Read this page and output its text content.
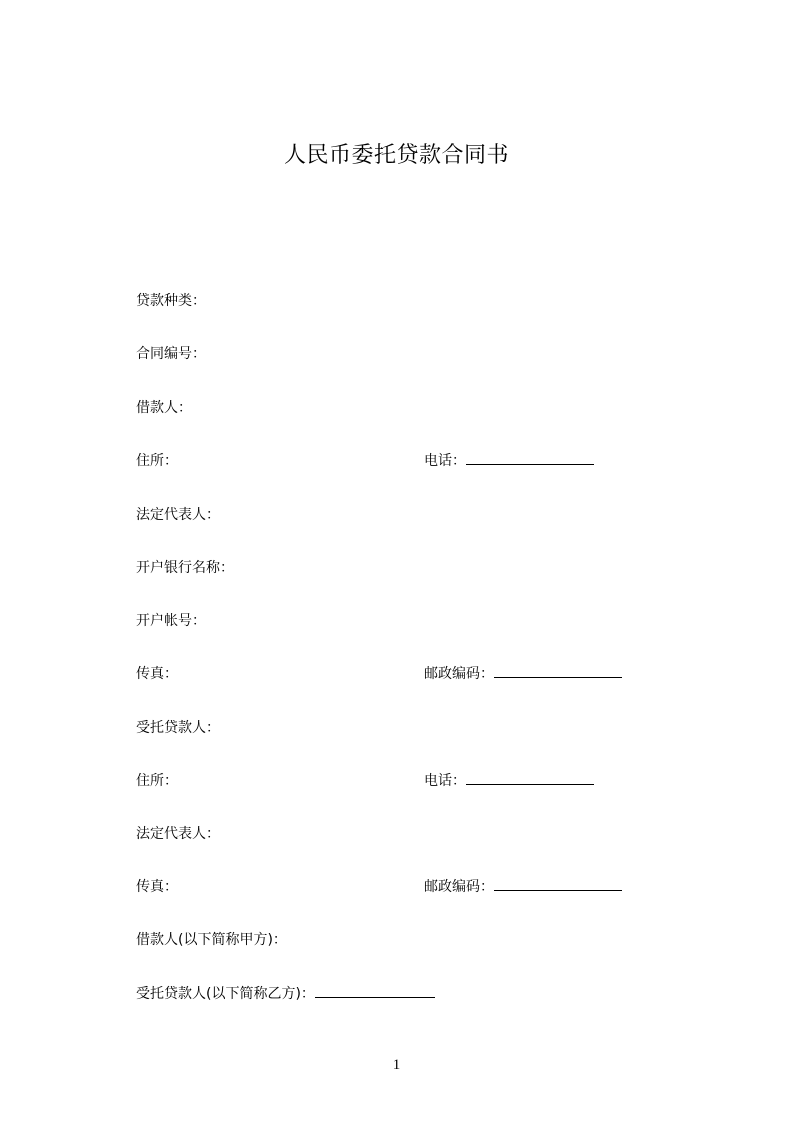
人民币委托贷款合同书
贷款种类：
合同编号：
借款人：
住所：	电话：
法定代表人：
开户银行名称：
开户帐号：
传真：	邮政编码：
受托贷款人：
住所：	电话：
法定代表人：
传真：	邮政编码：
借款人(以下简称甲方)：
受托贷款人(以下简称乙方)：
1
